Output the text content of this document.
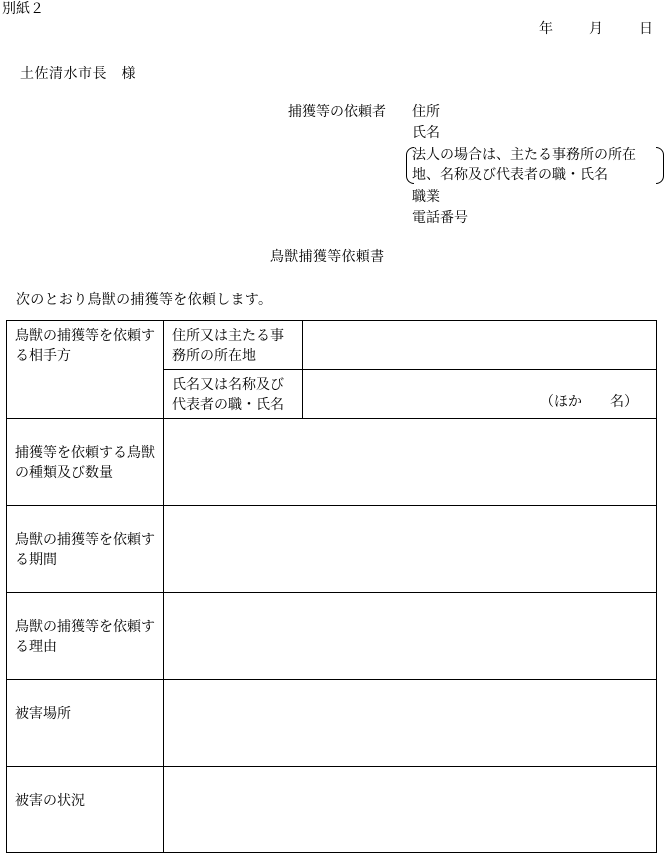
別紙２
年	月	日
土佐清水市長　様
捕獲等の依頼者 住所
氏名
法人の場合は、主たる事務所の所在地、名称及び代表者の職・氏名
職業
電話番号
鳥獣捕獲等依頼書
次のとおり鳥獣の捕獲等を依頼します。
鳥獣の捕獲等を依頼する相手方	住所又は主たる事務所の所在地	
	氏名又は名称及び代表者の職・氏名	（ほか　　名）

捕獲等を依頼する鳥獣の種類及び数量		
鳥獣の捕獲等を依頼する期間		
鳥獣の捕獲等を依頼する理由		
被害場所		
被害の状況		
